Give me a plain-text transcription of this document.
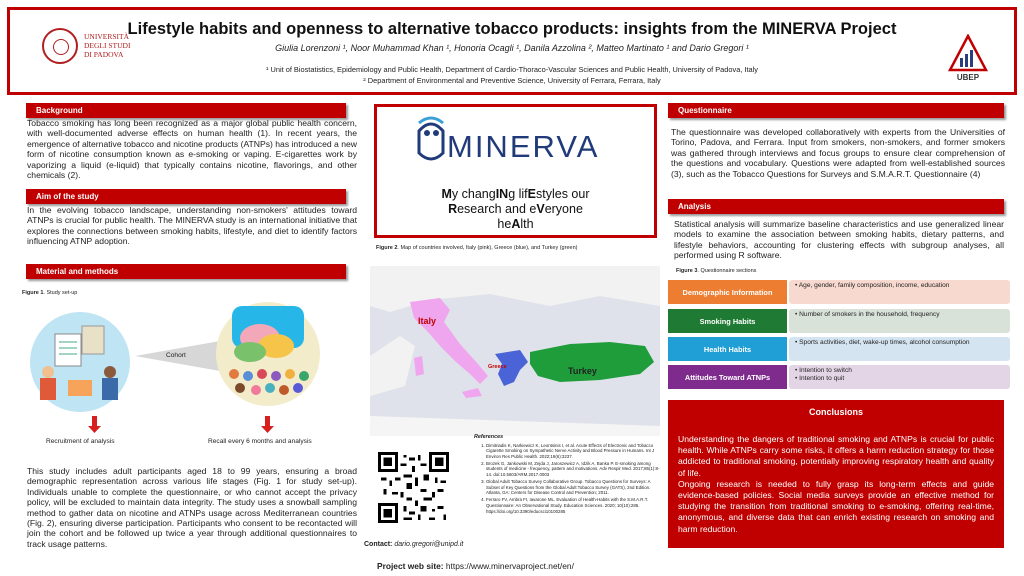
UNIVERSITÀ
DEGLI STUDI
DI PADOVA
Lifestyle habits and openness to alternative tobacco products: insights from the MINERVA Project
Giulia Lorenzoni ¹, Noor Muhammad Khan ¹, Honoria Ocagli ¹, Danila Azzolina ², Matteo Martinato ¹ and Dario Gregori ¹
¹ Unit of Biostatistics, Epidemiology and Public Health, Department of Cardio-Thoraco-Vascular Sciences and Public Health, University of Padova, Italy
² Department of Environmental and Preventive Science, University of Ferrara, Ferrara, Italy	UBEP
Background
Tobacco smoking has long been recognized as a major global public health concern, with well-documented adverse effects on human health (1). In recent years, the emergence of alternative tobacco and nicotine products (ATNPs) has introduced a new form of nicotine consumption known as e-smoking or vaping. E-cigarettes work by vaporizing a liquid (e-liquid) that typically contains nicotine, flavorings, and other chemicals (2).
Aim of the study
In the evolving tobacco landscape, understanding non-smokers' attitudes toward ATNPs is crucial for public health. The MINERVA study is an international initiative that explores the connections between smoking habits, lifestyle, and diet to identify factors influencing ATNP adoption.
Material and methods
Figure 1. Study set-up
Cohort
Recruitment of analysis	Recall every 6 months and analysis
This study includes adult participants aged 18 to 99 years, ensuring a broad demographic representation across various life stages (Fig. 1 for study set-up). Individuals unable to complete the questionnaire, or who cannot accept the privacy policy, will be excluded to maintain data integrity. The study uses a snowball sampling method to gather data on nicotine and ATNPs usage across Mediterranean countries (Fig. 2), ensuring diverse participation. Participants who consent to be recontacted will join the cohort and be followed up twice a year through additional questionnaires to track usage patterns.
MINERVA
My changINg lifEstyles our
Research and eVeryone
heAlth
Figure 2. Map of countries involved, Italy (pink), Greece (blue), and Turkey (green)
Italy
Greece	Turkey
Contact: dario.gregori@unipd.it
References
1. Dimitriadis K, Narkiewicz K, Leontsinis I, et al. Acute Effects of Electronic and Tobacco Cigarette Smoking on Sympathetic Nerve Activity and Blood Pressure in Humans. Int J Environ Res Public Health. 2022;19(6):3237.
2. Brozek G, Jankowski M, Zejda J, Jaroszewicz A, Idzik A, Banka P. E-smoking among students of medicine - frequency, pattern and motivations. Adv Respir Med. 2017;85(1):8-14. doi:10.5603/ARM.2017.0003
3. Global Adult Tobacco Survey Collaborative Group. Tobacco Questions for Surveys: A Subset of Key Questions from the Global Adult Tobacco Survey (GATS), 2nd Edition. Atlanta, GA: Centers for Disease Control and Prevention; 2011.
4. Ferraro FV, Ambra FI, Iavarone ML. Evaluation of Health-Habits with the S.M.A.R.T. Questionnaire: An Observational Study. Education Sciences. 2020; 10(10):285. https://doi.org/10.3390/educsci10100285
Project web site: https://www.minervaproject.net/en/
Questionnaire
The questionnaire was developed collaboratively with experts from the Universities of Torino, Padova, and Ferrara. Input from smokers, non-smokers, and former smokers was gathered through interviews and focus groups to ensure clear comprehension of the questions and vocabulary. Questions were adapted from well-established sources (3), such as the Tobacco Questions for Surveys and S.M.A.R.T. Questionnaire (4)
Analysis
Statistical analysis will summarize baseline characteristics and use generalized linear models to examine the association between smoking habits, dietary patterns, and lifestyle behaviors, accounting for clustering effects with subgroup analyses, all performed using R software.
Figure 3. Questionnaire sections
Demographic Information
• Age, gender, family composition, income, education
Smoking Habits
• Number of smokers in the household, frequency
Health Habits
• Sports activities, diet, wake-up times, alcohol consumption
Attitudes Toward ATNPs
• Intention to switch
• Intention to quit
Conclusions
Understanding the dangers of traditional smoking and ATNPs is crucial for public health. While ATNPs carry some risks, it offers a harm reduction strategy for those addicted to traditional smoking, potentially improving respiratory health and quality of life.
Ongoing research is needed to fully grasp its long-term effects and guide evidence-based policies. Social media surveys provide an effective method for studying the transition from traditional smoking to e-smoking, offering real-time, anonymous, and diverse data that can enrich existing research on smoking and harm reduction.
